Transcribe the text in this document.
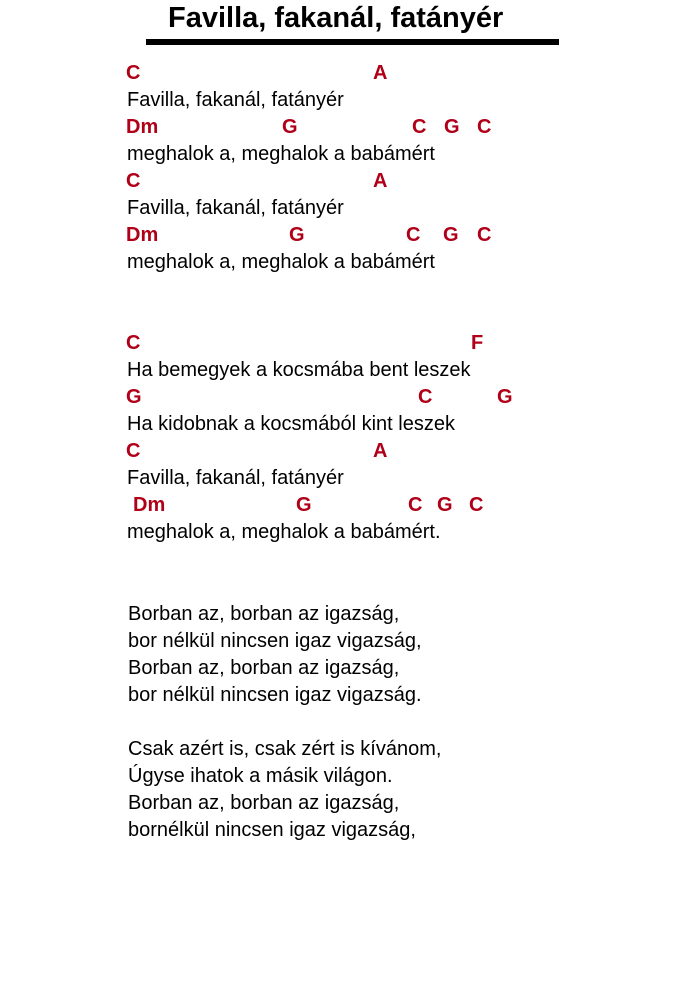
Favilla, fakanál, fatányér
C	A
Favilla, fakanál, fatányér
Dm	G	C G C
meghalok a, meghalok a babámért
C	A
Favilla, fakanál, fatányér
Dm	G	C G C
meghalok a, meghalok a babámért
C	F
Ha bemegyek a kocsmába bent leszek
G	C	G
Ha kidobnak a kocsmából kint leszek
C	A
Favilla, fakanál, fatányér
Dm	G	C G C
meghalok a, meghalok a babámért.
Borban az, borban az igazság,
bor nélkül nincsen igaz vigazság,
Borban az, borban az igazság,
bor nélkül nincsen igaz vigazság.
Csak azért is, csak zért is kívánom,
Úgyse ihatok a másik világon.
Borban az, borban az igazság,
bornélkül nincsen igaz vigazság,
